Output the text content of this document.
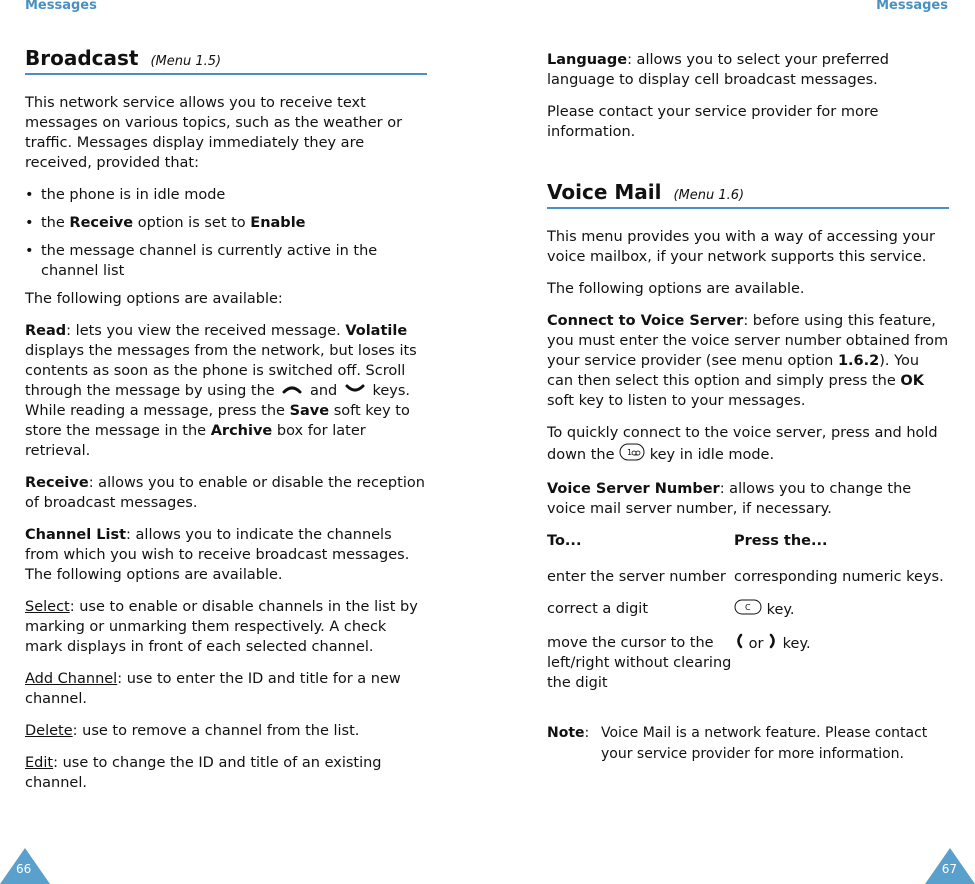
Messages	Messages
Broadcast (Menu 1.5)

This network service allows you to receive text messages on various topics, such as the weather or traffic. Messages display immediately they are received, provided that:

• the phone is in idle mode
• the Receive option is set to Enable
• the message channel is currently active in the channel list

The following options are available:

Read: lets you view the received message. Volatile displays the messages from the network, but loses its contents as soon as the phone is switched off. Scroll through the message by using the  and  keys. While reading a message, press the Save soft key to store the message in the Archive box for later retrieval.

Receive: allows you to enable or disable the reception of broadcast messages.

Channel List: allows you to indicate the channels from which you wish to receive broadcast messages. The following options are available.

Select: use to enable or disable channels in the list by marking or unmarking them respectively. A check mark displays in front of each selected channel.

Add Channel: use to enter the ID and title for a new channel.

Delete: use to remove a channel from the list.

Edit: use to change the ID and title of an existing channel.

Language: allows you to select your preferred language to display cell broadcast messages.

Please contact your service provider for more information.

Voice Mail (Menu 1.6)

This menu provides you with a way of accessing your voice mailbox, if your network supports this service.

The following options are available.

Connect to Voice Server: before using this feature, you must enter the voice server number obtained from your service provider (see menu option 1.6.2). You can then select this option and simply press the OK soft key to listen to your messages.

To quickly connect to the voice server, press and hold down the 1 key in idle mode.

Voice Server Number: allows you to change the voice mail server number, if necessary.

To...	Press the...
enter the server number	corresponding numeric keys.
correct a digit	C key.
move the cursor to the left/right without clearing the digit	or  key.
Note: Voice Mail is a network feature. Please contact your service provider for more information.
66	67
